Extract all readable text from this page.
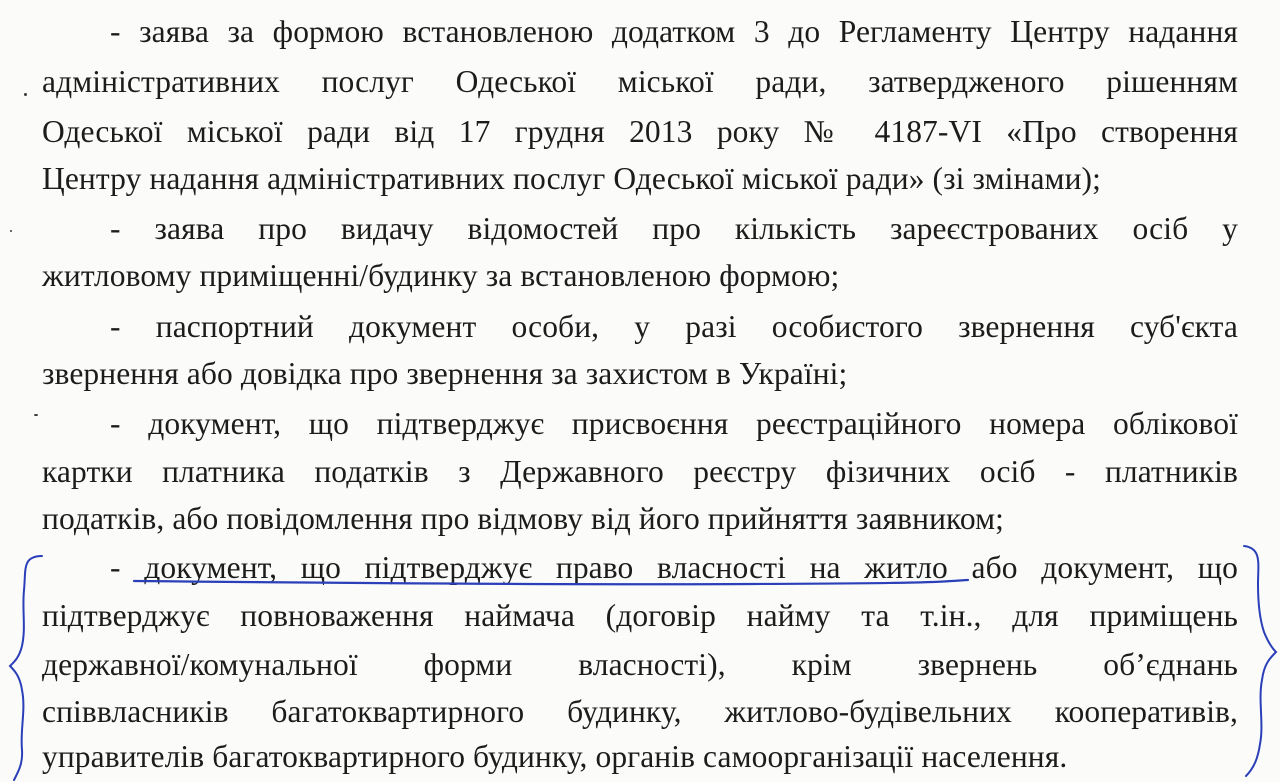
- заява за формою встановленою додатком 3 до Регламенту Центру надання
адміністративних послуг Одеської міської ради, затвердженого рішенням
Одеської міської ради від 17 грудня 2013 року № 4187-VI «Про створення
Центру надання адміністративних послуг Одеської міської ради» (зі змінами);
- заява про видачу відомостей про кількість зареєстрованих осіб у
житловому приміщенні/будинку за встановленою формою;
- паспортний документ особи, у разі особистого звернення суб'єкта
звернення або довідка про звернення за захистом в Україні;
- документ, що підтверджує присвоєння реєстраційного номера облікової
картки платника податків з Державного реєстру фізичних осіб - платників
податків, або повідомлення про відмову від його прийняття заявником;
- документ, що підтверджує право власності на житло або документ, що
підтверджує повноваження наймача (договір найму та т.ін., для приміщень
державної/комунальної форми власності), крім звернень об’єднань
співвласників багатоквартирного будинку, житлово-будівельних кооперативів,
управителів багатоквартирного будинку, органів самоорганізації населення.
